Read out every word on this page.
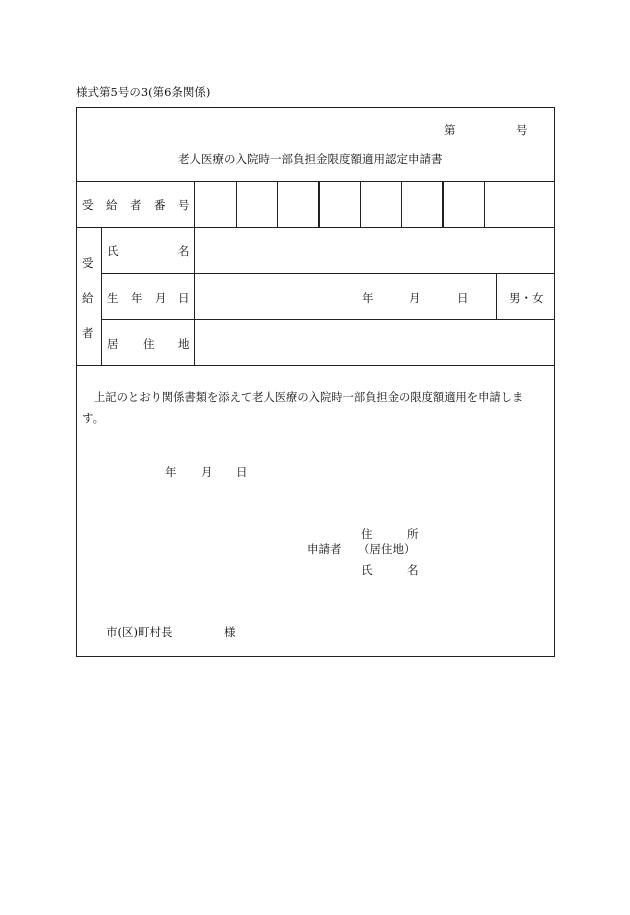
様式第5号の3(第6条関係)
第	号
老人医療の入院時一部負担金限度額適用認定申請書
受 給 者 番 号
受
給
者
氏	名
生 年 月 日	年	月	日	男・女
居 住 地
上記のとおり関係書類を添えて老人医療の入院時一部負担金の限度額適用を申請しま
す。
年 月 日
住	所
申請者 （居住地）
氏	名
市(区)町村長	様
